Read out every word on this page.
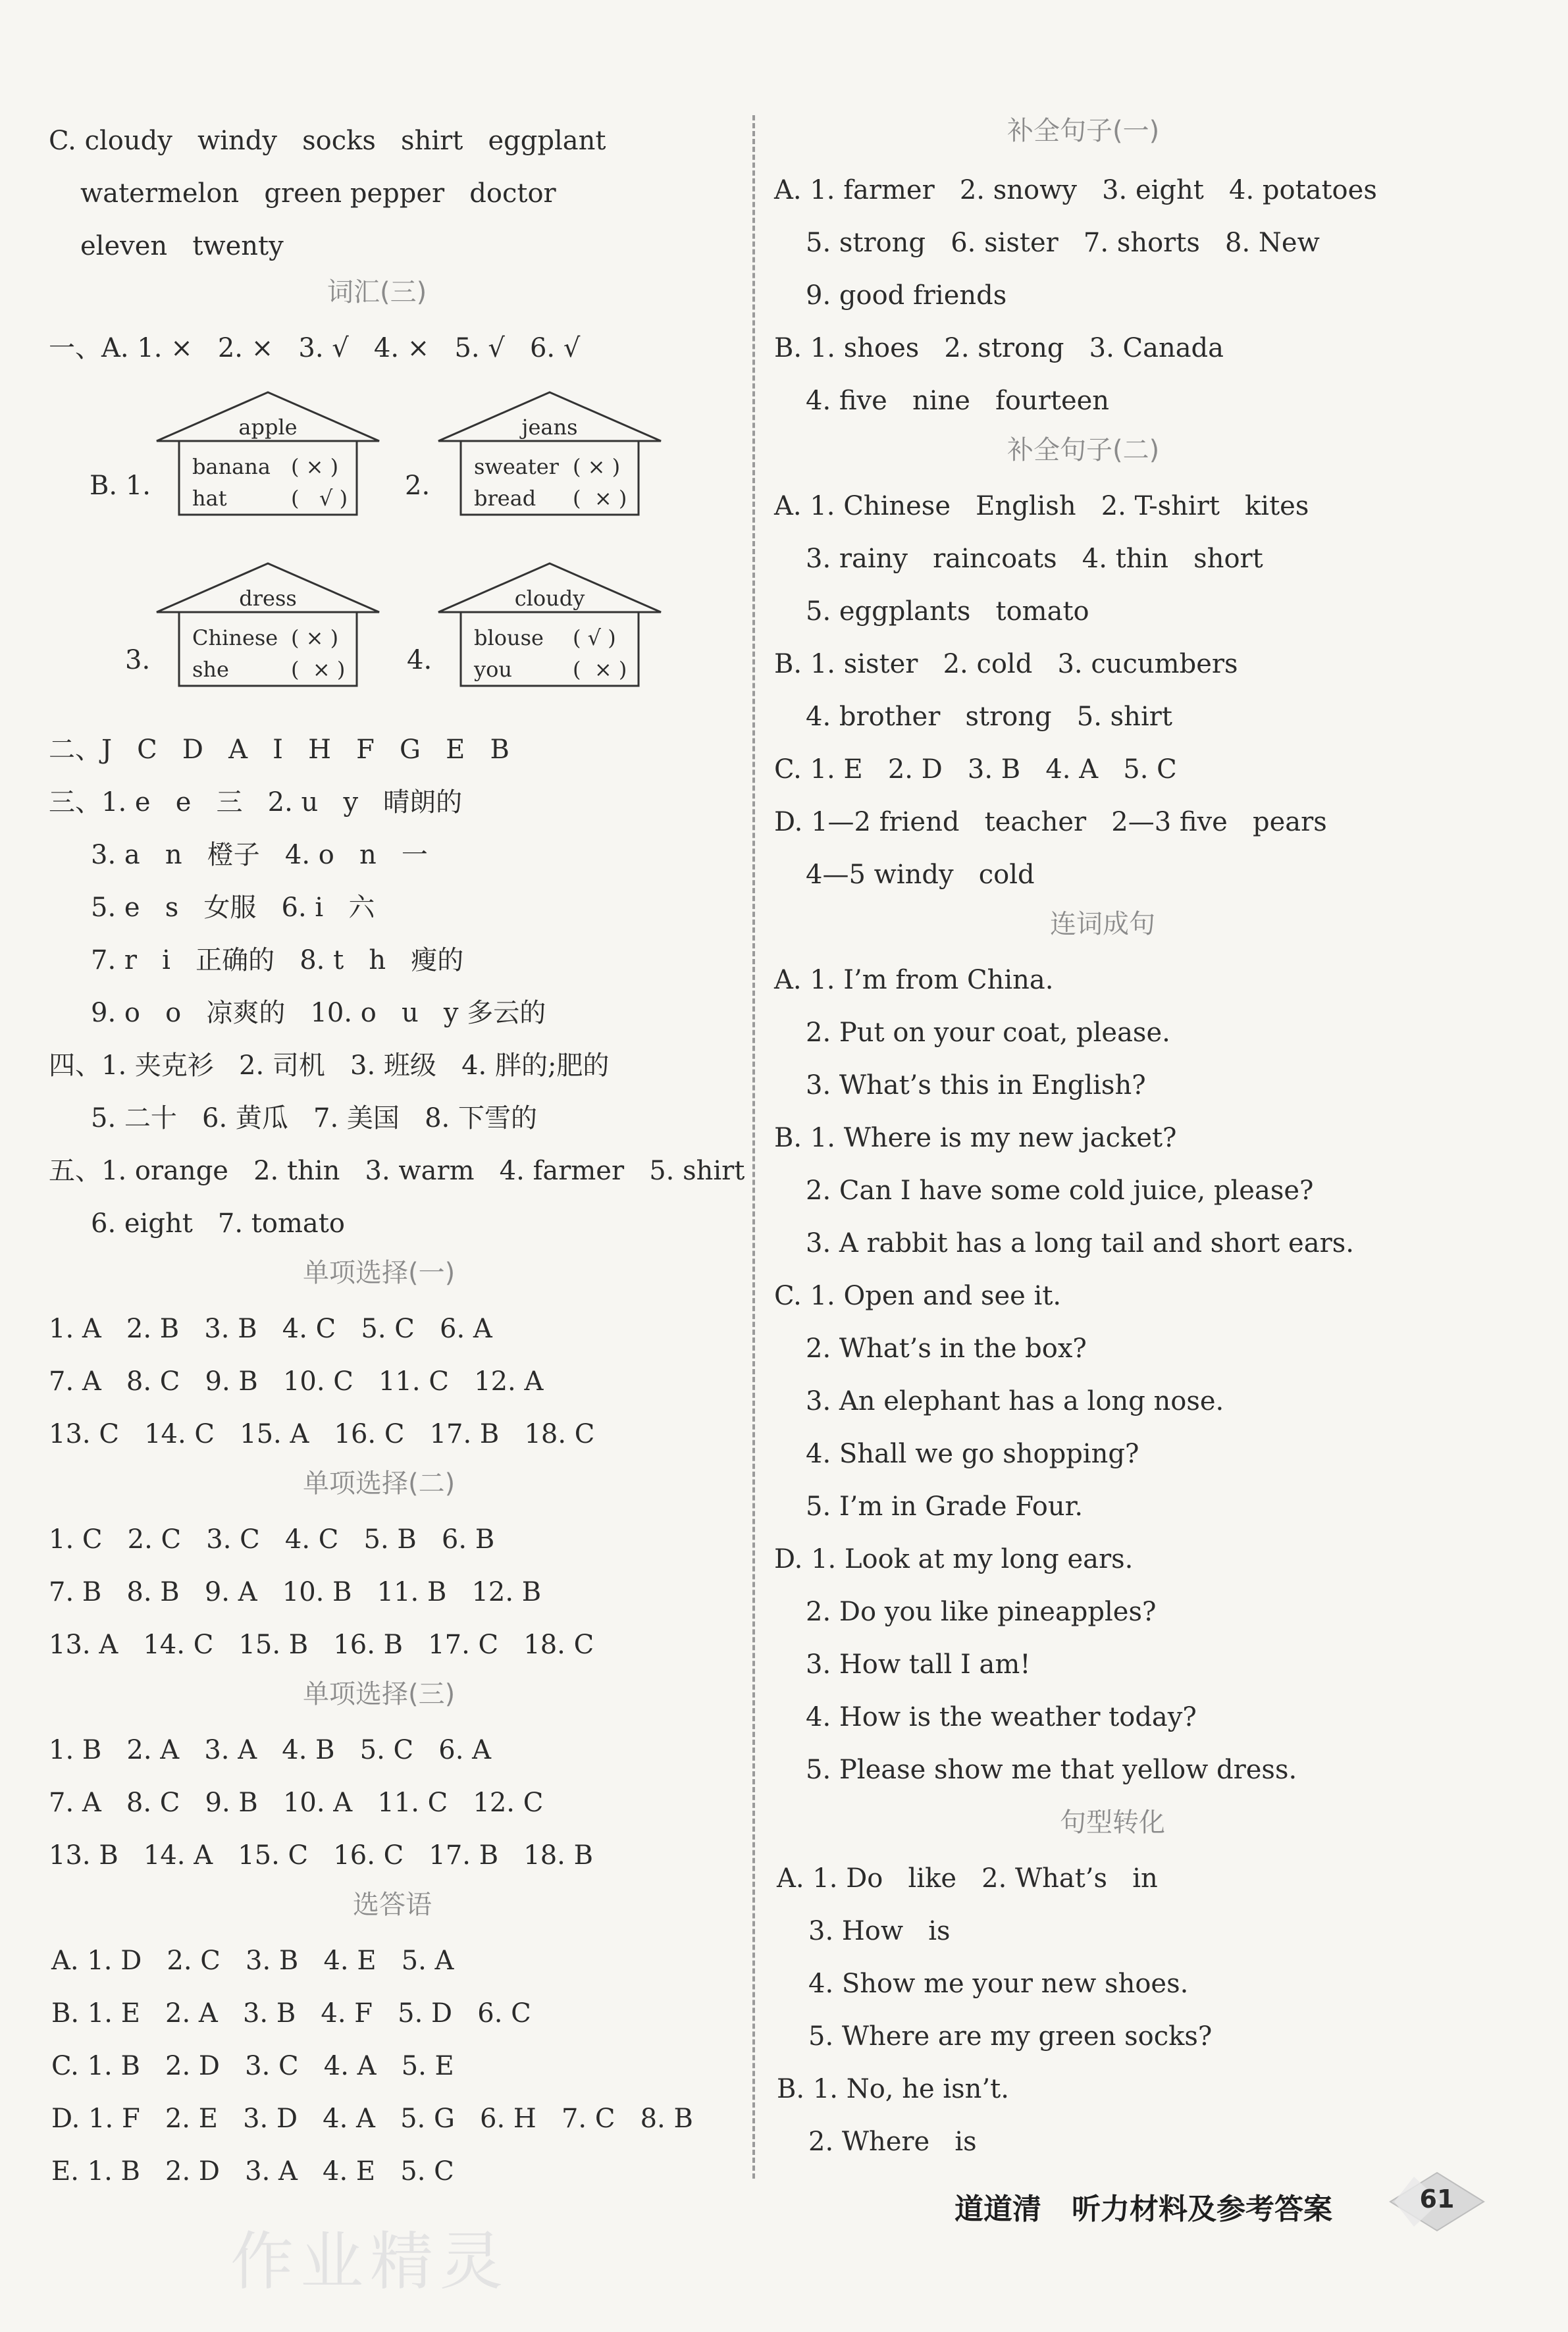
C. cloudy   windy   socks   shirt   eggplant
watermelon   green pepper   doctor
eleven   twenty
词汇(三)
一、A. 1. ×   2. ×   3. √   4. ×   5. √   6. √
B. 1.
apple
banana
hat
( × )
(   √ ) 2.
jeans
sweater
bread
( × )
(  × )
3.
dress
Chinese
she
( × )
(  × ) 4.
cloudy
blouse
you
( √ )
(  × )
二、J   C   D   A   I   H   F   G   E   B
三、1. e   e   三   2. u   y   晴朗的
3. a   n   橙子   4. o   n   一
5. e   s   女服   6. i   六
7. r   i   正确的   8. t   h   瘦的
9. o   o   凉爽的   10. o   u   y 多云的
四、1. 夹克衫   2. 司机   3. 班级   4. 胖的;肥的
5. 二十   6. 黄瓜   7. 美国   8. 下雪的
五、1. orange   2. thin   3. warm   4. farmer   5. shirt
6. eight   7. tomato
单项选择(一)
1. A   2. B   3. B   4. C   5. C   6. A
7. A   8. C   9. B   10. C   11. C   12. A
13. C   14. C   15. A   16. C   17. B   18. C
单项选择(二)
1. C   2. C   3. C   4. C   5. B   6. B
7. B   8. B   9. A   10. B   11. B   12. B
13. A   14. C   15. B   16. B   17. C   18. C
单项选择(三)
1. B   2. A   3. A   4. B   5. C   6. A
7. A   8. C   9. B   10. A   11. C   12. C
13. B   14. A   15. C   16. C   17. B   18. B
选答语
A. 1. D   2. C   3. B   4. E   5. A
B. 1. E   2. A   3. B   4. F   5. D   6. C
C. 1. B   2. D   3. C   4. A   5. E
D. 1. F   2. E   3. D   4. A   5. G   6. H   7. C   8. B
E. 1. B   2. D   3. A   4. E   5. C
补全句子(一)
A. 1. farmer   2. snowy   3. eight   4. potatoes
5. strong   6. sister   7. shorts   8. New
9. good friends
B. 1. shoes   2. strong   3. Canada
4. five   nine   fourteen
补全句子(二)
A. 1. Chinese   English   2. T-shirt   kites
3. rainy   raincoats   4. thin   short
5. eggplants   tomato
B. 1. sister   2. cold   3. cucumbers
4. brother   strong   5. shirt
C. 1. E   2. D   3. B   4. A   5. C
D. 1—2 friend   teacher   2—3 five   pears
4—5 windy   cold
连词成句
A. 1. I’m from China.
2. Put on your coat, please.
3. What’s this in English?
B. 1. Where is my new jacket?
2. Can I have some cold juice, please?
3. A rabbit has a long tail and short ears.
C. 1. Open and see it.
2. What’s in the box?
3. An elephant has a long nose.
4. Shall we go shopping?
5. I’m in Grade Four.
D. 1. Look at my long ears.
2. Do you like pineapples?
3. How tall I am!
4. How is the weather today?
5. Please show me that yellow dress.
句型转化
A. 1. Do   like   2. What’s   in
3. How   is
4. Show me your new shoes.
5. Where are my green socks?
B. 1. No, he isn’t.
2. Where   is
作业精灵
道道清   听力材料及参考答案	61
